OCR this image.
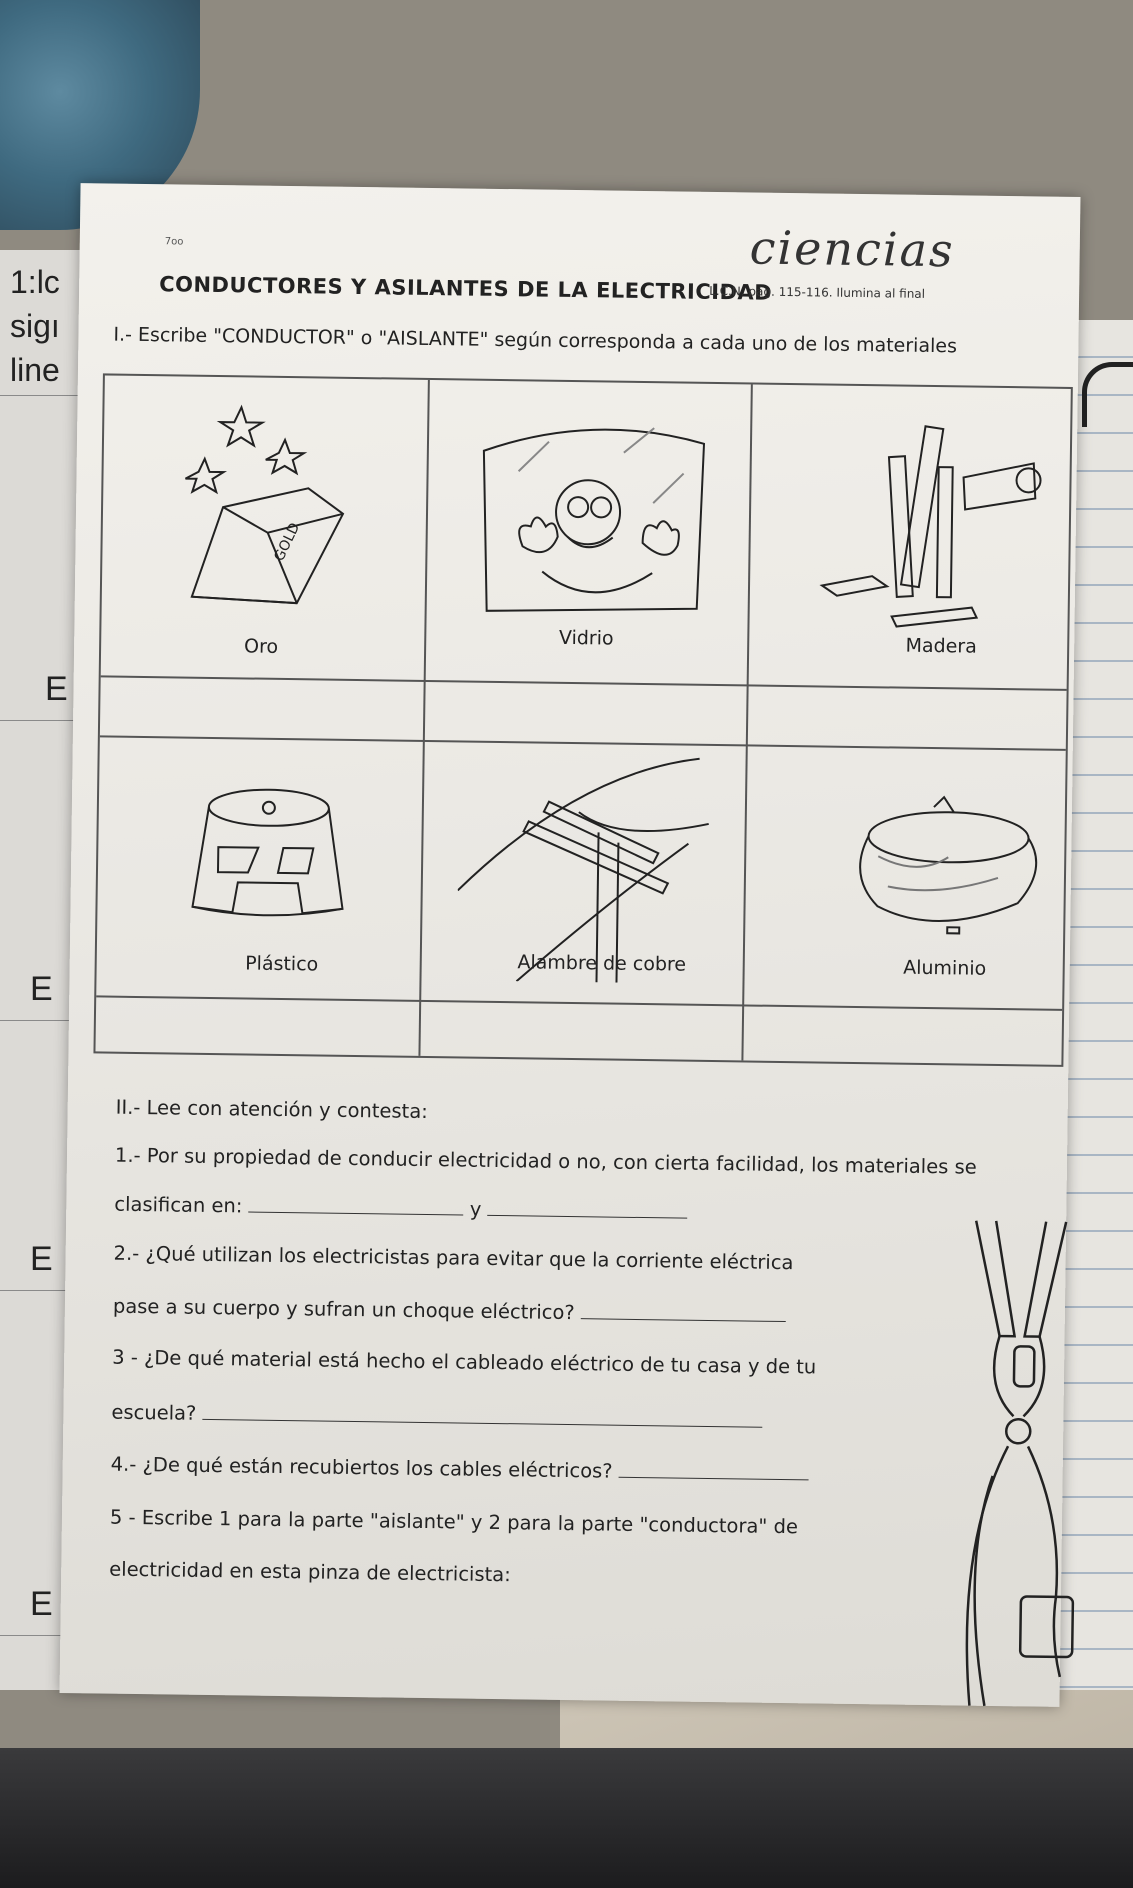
1:lc
sigı
line
E
E
E
E
ciencias
7oo
CONDUCTORES Y ASILANTES DE LA ELECTRICIDAD
L.C.N. pág. 115-116. Ilumina al final
I.- Escribe "CONDUCTOR" o "AISLANTE" según corresponda a cada uno de los materiales
GOLD
Oro	Vidrio	Madera
Plástico	Alambre de cobre	Aluminio
II.- Lee con atención y contesta:
1.- Por su propiedad de conducir electricidad o no, con cierta facilidad, los materiales se
clasifican en:	y
2.- ¿Qué utilizan los electricistas para evitar que la corriente eléctrica
pase a su cuerpo y sufran un choque eléctrico?
3 - ¿De qué material está hecho el cableado eléctrico de tu casa y de tu
escuela?
4.- ¿De qué están recubiertos los cables eléctricos?
5 - Escribe 1 para la parte "aislante" y 2 para la parte "conductora" de
electricidad en esta pinza de electricista:
